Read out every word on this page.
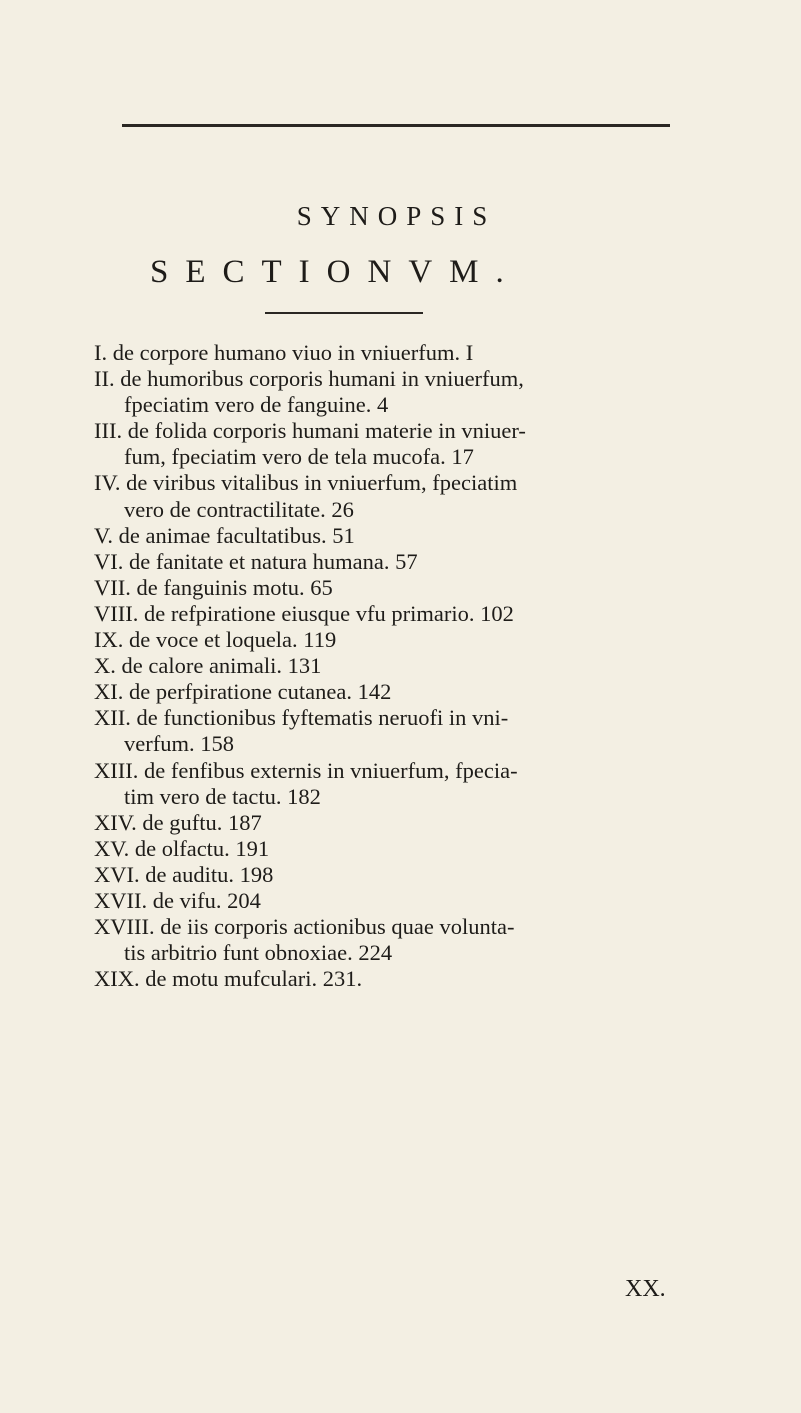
SYNOPSIS
SECTIONVM.
I. de corpore humano viuo in vniuerfum. I
II. de humoribus corporis humani in vniuerfum,
fpeciatim vero de fanguine. 4
III. de folida corporis humani materie in vniuer-
fum, fpeciatim vero de tela mucofa. 17
IV. de viribus vitalibus in vniuerfum, fpeciatim
vero de contractilitate. 26
V. de animae facultatibus. 51
VI. de fanitate et natura humana. 57
VII. de fanguinis motu. 65
VIII. de refpiratione eiusque vfu primario. 102
IX. de voce et loquela. 119
X. de calore animali. 131
XI. de perfpiratione cutanea. 142
XII. de functionibus fyftematis neruofi in vni-
verfum. 158
XIII. de fenfibus externis in vniuerfum, fpecia-
tim vero de tactu. 182
XIV. de guftu. 187
XV. de olfactu. 191
XVI. de auditu. 198
XVII. de vifu. 204
XVIII. de iis corporis actionibus quae volunta-
tis arbitrio funt obnoxiae. 224
XIX. de motu mufculari. 231.
XX.
